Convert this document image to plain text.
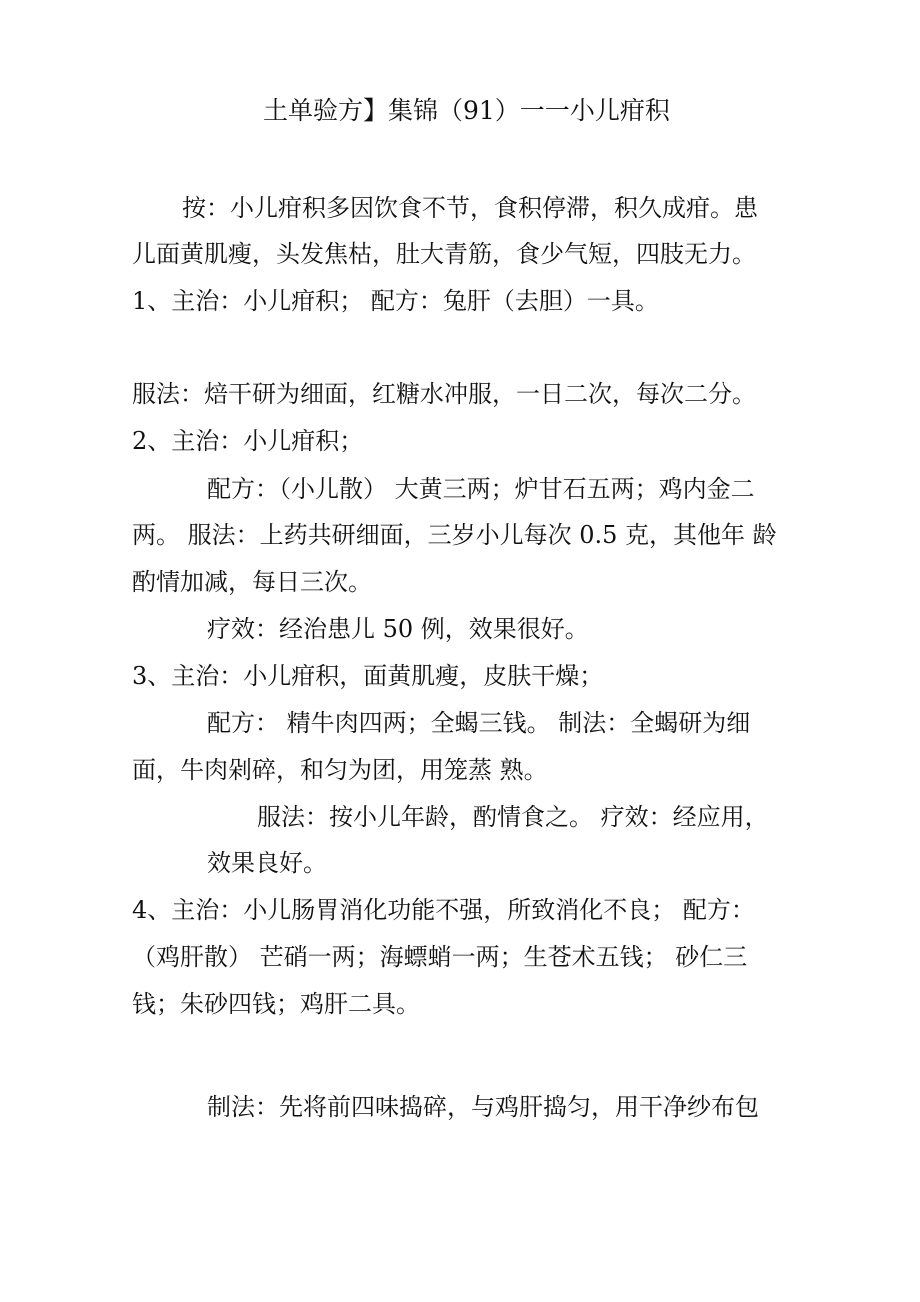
土单验方】集锦（91）一一小儿疳积
按：小儿疳积多因饮食不节，食积停滞，积久成疳。患
儿面黄肌瘦，头发焦枯，肚大青筋，食少气短，四肢无力。
1、主治：小儿疳积； 配方：兔肝（去胆）一具。
服法：焙干研为细面，红糖水冲服，一日二次，每次二分。
2、主治：小儿疳积；
配方：（小儿散） 大黄三两；炉甘石五两；鸡内金二
两。 服法：上药共研细面，三岁小儿每次 0.5 克，其他年 龄
酌情加减，每日三次。
疗效：经治患儿 50 例，效果很好。
3、主治：小儿疳积，面黄肌瘦，皮肤干燥；
配方： 精牛肉四两；全蝎三钱。 制法：全蝎研为细
面，牛肉剁碎，和匀为团，用笼蒸 熟。
服法：按小儿年龄，酌情食之。 疗效：经应用，
效果良好。
4、主治：小儿肠胃消化功能不强，所致消化不良； 配方：
（鸡肝散） 芒硝一两；海螵蛸一两；生苍术五钱； 砂仁三
钱；朱砂四钱；鸡肝二具。
制法：先将前四味捣碎，与鸡肝捣匀，用干净纱布包
